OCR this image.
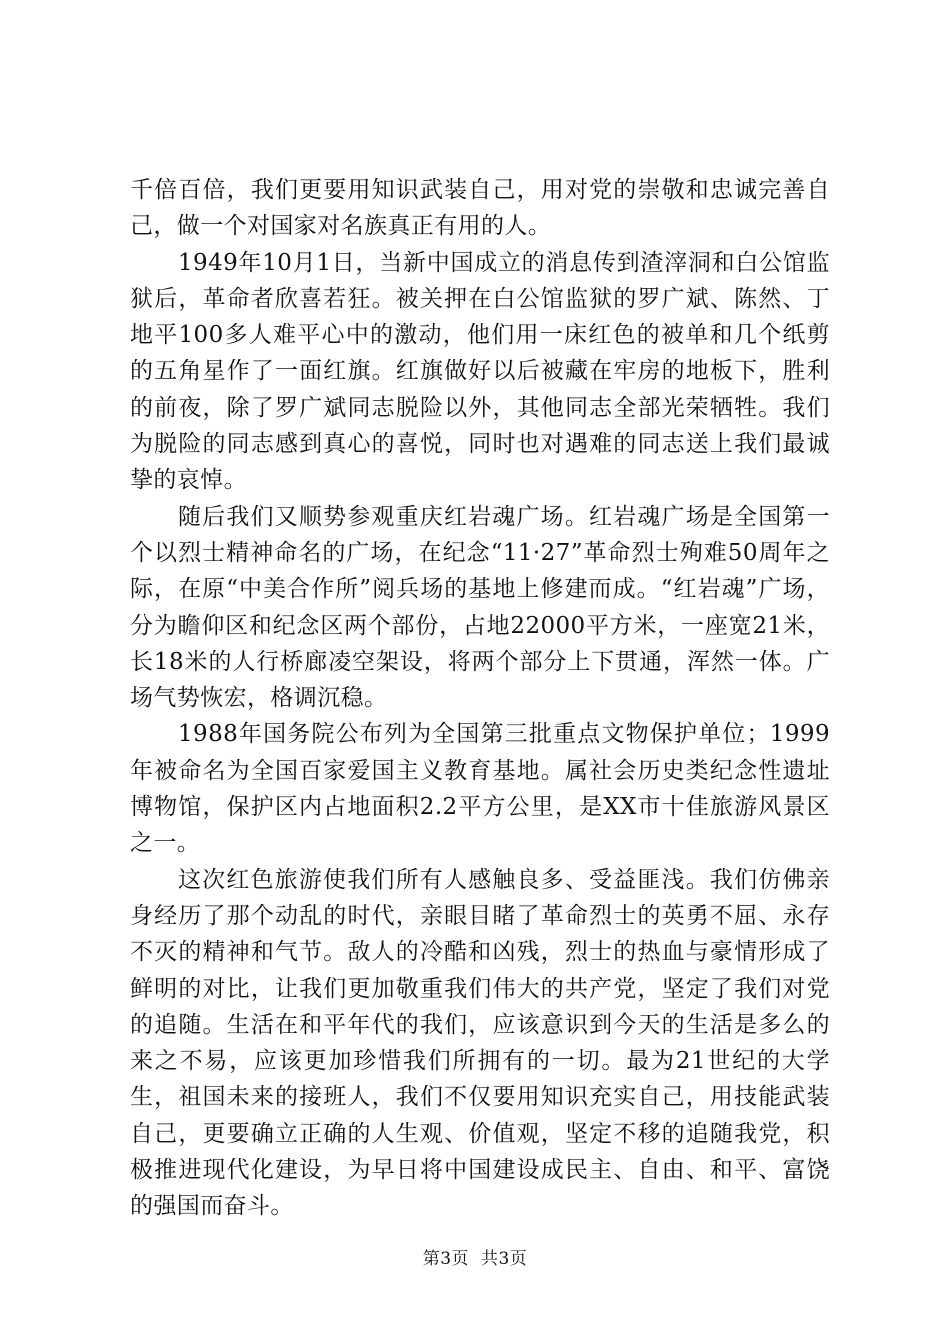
千倍百倍，我们更要用知识武装自己，用对党的崇敬和忠诚完善自己，做一个对国家对名族真正有用的人。

1949年10月1日，当新中国成立的消息传到渣滓洞和白公馆监狱后，革命者欣喜若狂。被关押在白公馆监狱的罗广斌、陈然、丁地平100多人难平心中的激动，他们用一床红色的被单和几个纸剪的五角星作了一面红旗。红旗做好以后被藏在牢房的地板下，胜利的前夜，除了罗广斌同志脱险以外，其他同志全部光荣牺牲。我们为脱险的同志感到真心的喜悦，同时也对遇难的同志送上我们最诚挚的哀悼。

随后我们又顺势参观重庆红岩魂广场。红岩魂广场是全国第一个以烈士精神命名的广场，在纪念“11·27”革命烈士殉难50周年之际，在原“中美合作所”阅兵场的基地上修建而成。“红岩魂”广场，分为瞻仰区和纪念区两个部份，占地22000平方米，一座宽21米，长18米的人行桥廊凌空架设，将两个部分上下贯通，浑然一体。广场气势恢宏，格调沉稳。

1988年国务院公布列为全国第三批重点文物保护单位；1999年被命名为全国百家爱国主义教育基地。属社会历史类纪念性遗址博物馆，保护区内占地面积2.2平方公里，是XX市十佳旅游风景区之一。

这次红色旅游使我们所有人感触良多、受益匪浅。我们仿佛亲身经历了那个动乱的时代，亲眼目睹了革命烈士的英勇不屈、永存不灭的精神和气节。敌人的冷酷和凶残，烈士的热血与豪情形成了鲜明的对比，让我们更加敬重我们伟大的共产党，坚定了我们对党的追随。生活在和平年代的我们，应该意识到今天的生活是多么的来之不易，应该更加珍惜我们所拥有的一切。最为21世纪的大学生，祖国未来的接班人，我们不仅要用知识充实自己，用技能武装自己，更要确立正确的人生观、价值观，坚定不移的追随我党，积极推进现代化建设，为早日将中国建设成民主、自由、和平、富饶的强国而奋斗。

第3页 共3页
